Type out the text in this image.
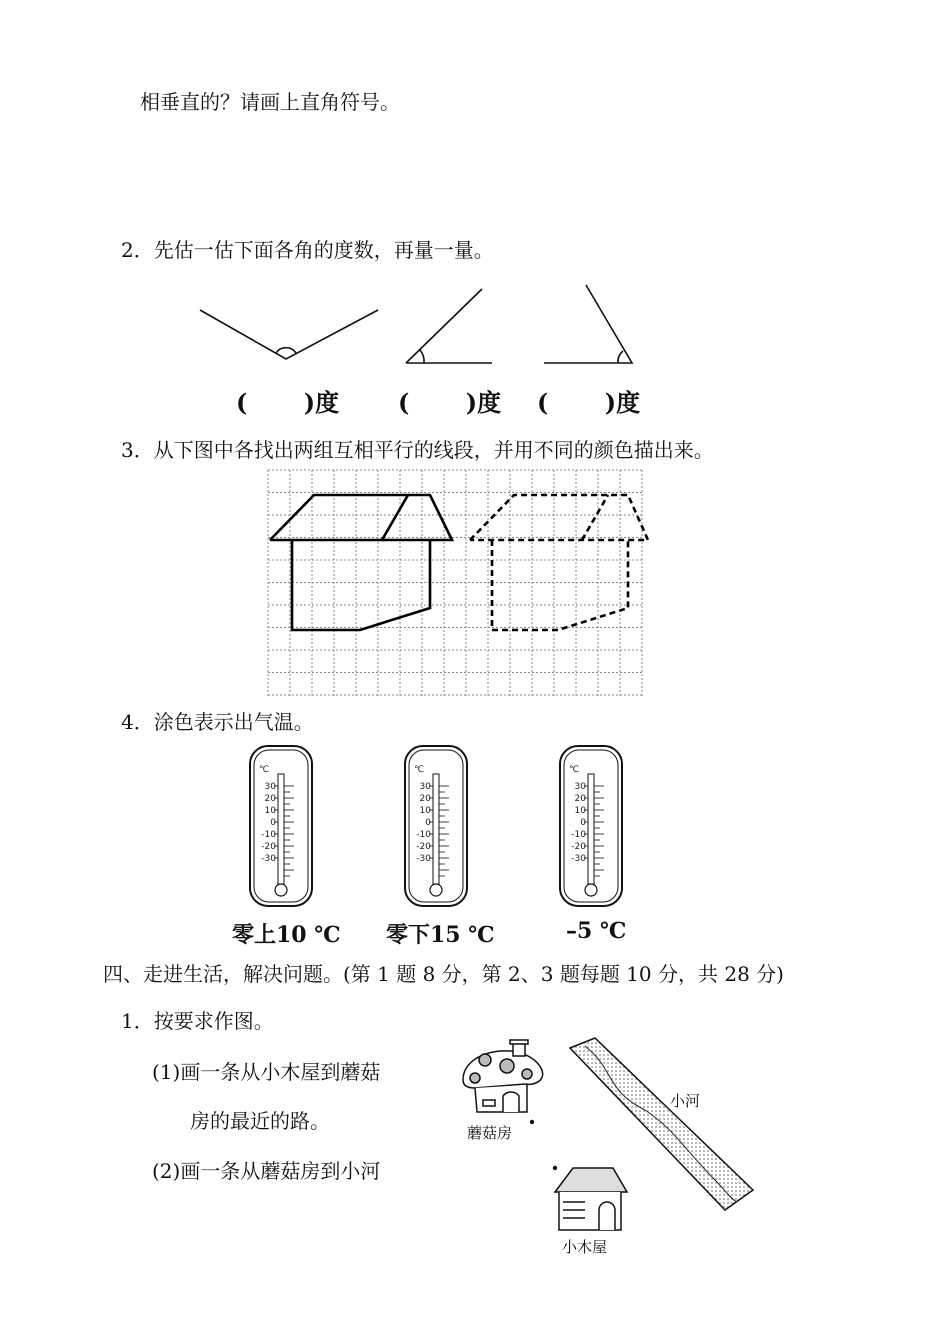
相垂直的？请画上直角符号。
2．先估一估下面各角的度数，再量一量。
(　 　)度 (　 　)度 (　 　)度
3．从下图中各找出两组互相平行的线段，并用不同的颜色描出来。
4．涂色表示出气温。
℃
30
20
10
0
-10
-20
-30
℃
30
20
10
0
-10
-20
-30
℃
30
20
10
0
-10
-20
-30
零上10 ℃ 零下15 ℃	–5 ℃
四、走进生活，解决问题。(第 1 题 8 分，第 2、3 题每题 10 分，共 28 分)
1．按要求作图。
(1)画一条从小木屋到蘑菇
房的最近的路。
(2)画一条从蘑菇房到小河
小河
蘑菇房
小木屋
